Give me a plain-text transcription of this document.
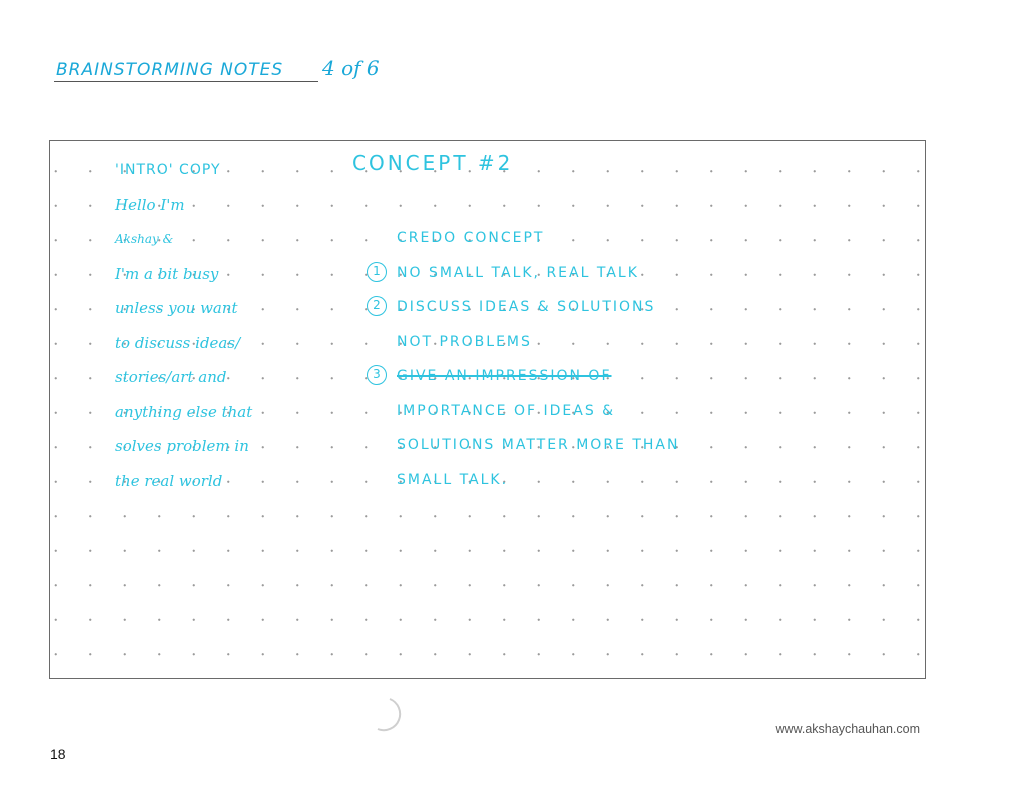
BRAINSTORMING NOTES 4 of 6
'INTRO' COPY
Hello I'm
Akshay &
I'm a bit busy
unless you want
to discuss ideas/
stories/art and
anything else that
solves problem in
the real world
CONCEPT #2
CREDO CONCEPT
1	NO SMALL TALK, REAL TALK
2	DISCUSS IDEAS & SOLUTIONS
NOT PROBLEMS
3	GIVE AN IMPRESSION OF
IMPORTANCE OF IDEAS &
SOLUTIONS MATTER MORE THAN
SMALL TALK.
www.akshaychauhan.com
18
